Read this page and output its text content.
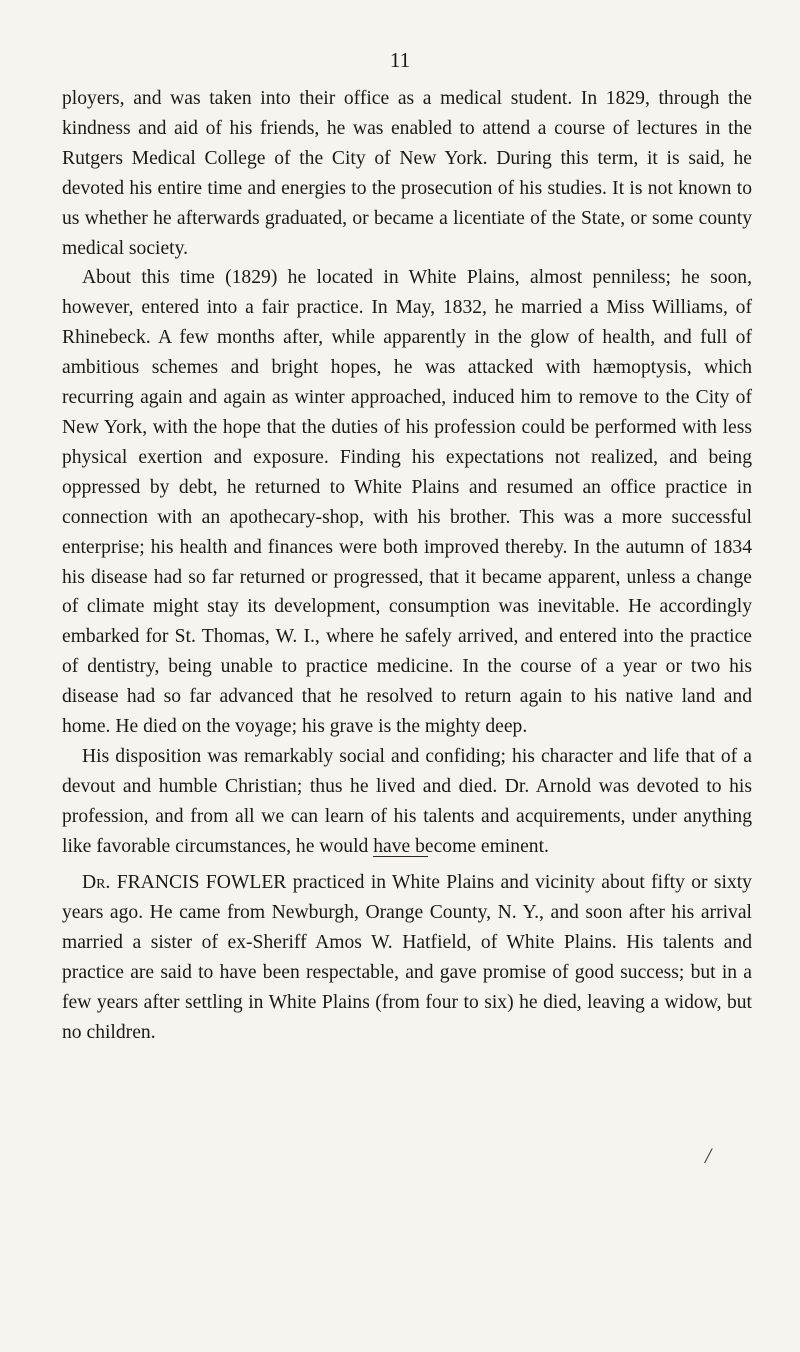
11

ployers, and was taken into their office as a medical student. In 1829, through the kindness and aid of his friends, he was enabled to attend a course of lectures in the Rutgers Medical College of the City of New York. During this term, it is said, he devoted his entire time and energies to the prosecution of his studies. It is not known to us whether he afterwards graduated, or became a licentiate of the State, or some county medical society.

About this time (1829) he located in White Plains, almost penniless; he soon, however, entered into a fair practice. In May, 1832, he married a Miss Williams, of Rhinebeck. A few months after, while apparently in the glow of health, and full of ambitious schemes and bright hopes, he was attacked with hæmoptysis, which recurring again and again as winter approached, induced him to remove to the City of New York, with the hope that the duties of his profession could be performed with less physical exertion and exposure. Finding his expectations not realized, and being oppressed by debt, he returned to White Plains and resumed an office practice in connection with an apothecary-shop, with his brother. This was a more successful enterprise; his health and finances were both improved thereby. In the autumn of 1834 his disease had so far returned or progressed, that it became apparent, unless a change of climate might stay its development, consumption was inevitable. He accordingly embarked for St. Thomas, W. I., where he safely arrived, and entered into the practice of dentistry, being unable to practice medicine. In the course of a year or two his disease had so far advanced that he resolved to return again to his native land and home. He died on the voyage; his grave is the mighty deep.

His disposition was remarkably social and confiding; his character and life that of a devout and humble Christian; thus he lived and died. Dr. Arnold was devoted to his profession, and from all we can learn of his talents and acquirements, under anything like favorable circumstances, he would have become eminent.

Dr. FRANCIS FOWLER practiced in White Plains and vicinity about fifty or sixty years ago. He came from Newburgh, Orange County, N. Y., and soon after his arrival married a sister of ex-Sheriff Amos W. Hatfield, of White Plains. His talents and practice are said to have been respectable, and gave promise of good success; but in a few years after settling in White Plains (from four to six) he died, leaving a widow, but no children.

/
